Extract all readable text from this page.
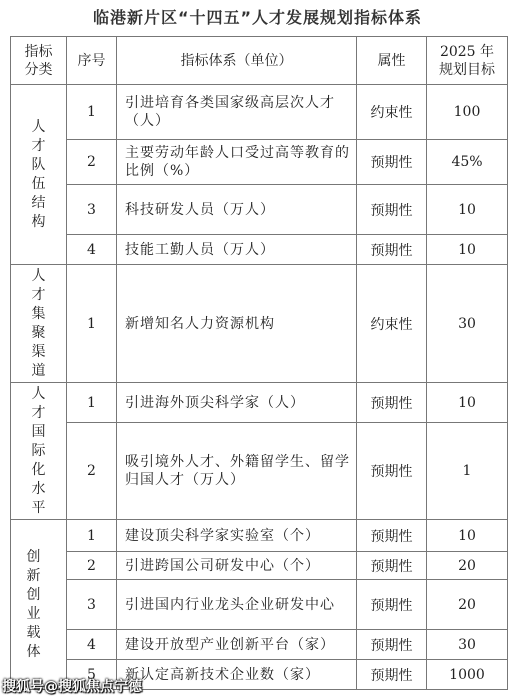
临港新片区“十四五”人才发展规划指标体系
指标分类	序号	指标体系（单位）	属性	2025 年规划目标
人才队伍结构	1	引进培育各类国家级高层次人才（人）	约束性	100
	2	主要劳动年龄人口受过高等教育的比例（%）	预期性	45%
	3	科技研发人员（万人）	预期性	10
	4	技能工勤人员（万人）	预期性	10
人才集聚渠道	1	新增知名人力资源机构	约束性	30
人才国际化水平	1	引进海外顶尖科学家（人）	预期性	10
	2	吸引境外人才、外籍留学生、留学归国人才（万人）	预期性	1
创新创业载体	1	建设顶尖科学家实验室（个）	预期性	10
	2	引进跨国公司研发中心（个）	预期性	20
	3	引进国内行业龙头企业研发中心	预期性	20
	4	建设开放型产业创新平台（家）	预期性	30
	5	新认定高新技术企业数（家）	预期性	1000
搜狐号@搜狐焦点宁德
